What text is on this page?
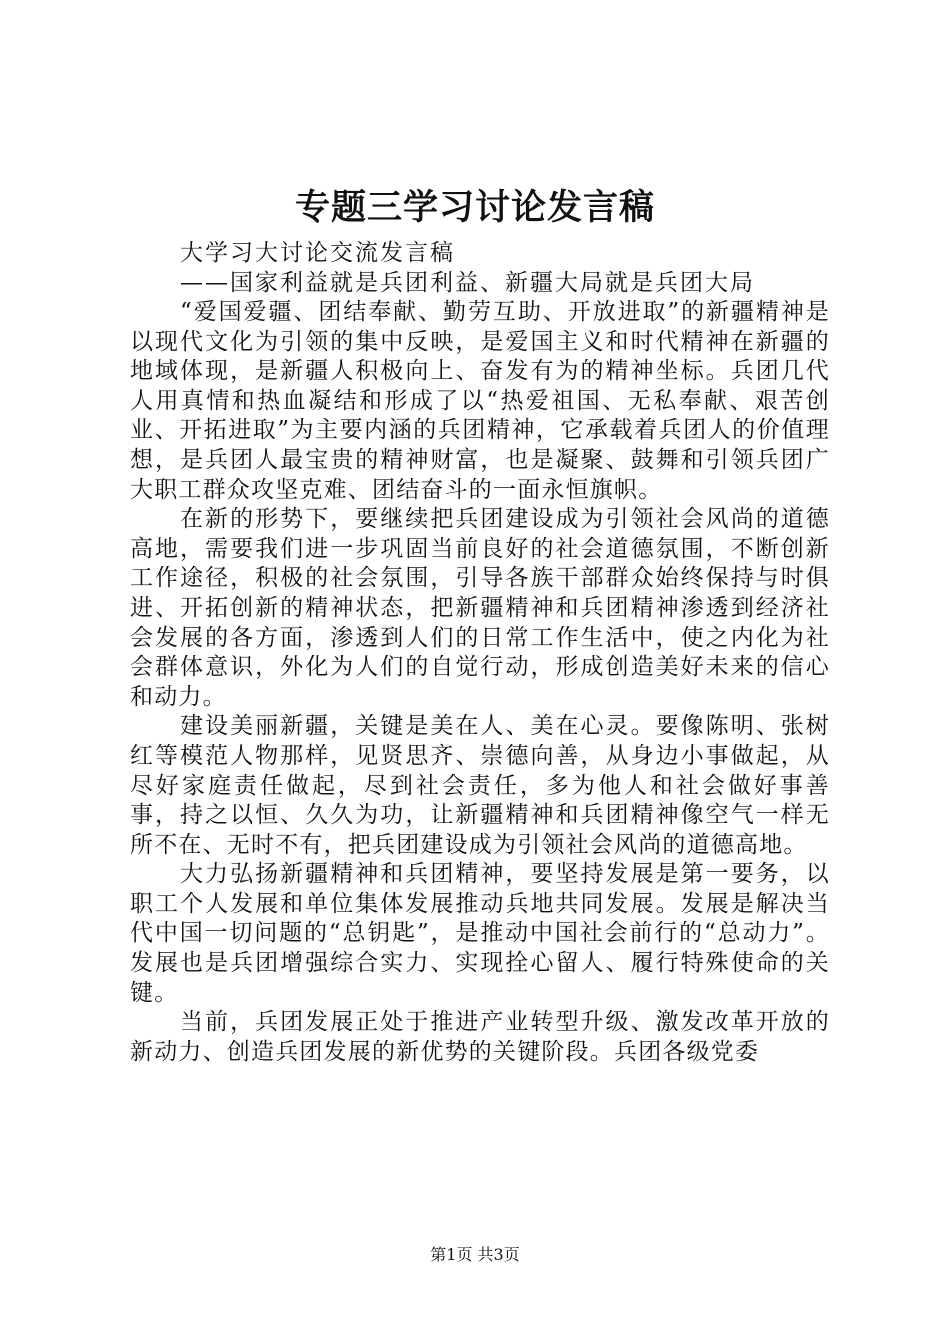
专题三学习讨论发言稿

大学习大讨论交流发言稿

——国家利益就是兵团利益、新疆大局就是兵团大局

“爱国爱疆、团结奉献、勤劳互助、开放进取”的新疆精神是以现代文化为引领的集中反映，是爱国主义和时代精神在新疆的地域体现，是新疆人积极向上、奋发有为的精神坐标。兵团几代人用真情和热血凝结和形成了以“热爱祖国、无私奉献、艰苦创业、开拓进取”为主要内涵的兵团精神，它承载着兵团人的价值理想，是兵团人最宝贵的精神财富，也是凝聚、鼓舞和引领兵团广大职工群众攻坚克难、团结奋斗的一面永恒旗帜。

在新的形势下，要继续把兵团建设成为引领社会风尚的道德高地，需要我们进一步巩固当前良好的社会道德氛围，不断创新工作途径，积极的社会氛围，引导各族干部群众始终保持与时俱进、开拓创新的精神状态，把新疆精神和兵团精神渗透到经济社会发展的各方面，渗透到人们的日常工作生活中，使之内化为社会群体意识，外化为人们的自觉行动，形成创造美好未来的信心和动力。

建设美丽新疆，关键是美在人、美在心灵。要像陈明、张树红等模范人物那样，见贤思齐、崇德向善，从身边小事做起，从尽好家庭责任做起，尽到社会责任，多为他人和社会做好事善事，持之以恒、久久为功，让新疆精神和兵团精神像空气一样无所不在、无时不有，把兵团建设成为引领社会风尚的道德高地。

大力弘扬新疆精神和兵团精神，要坚持发展是第一要务，以职工个人发展和单位集体发展推动兵地共同发展。发展是解决当代中国一切问题的“总钥匙”，是推动中国社会前行的“总动力”。发展也是兵团增强综合实力、实现拴心留人、履行特殊使命的关键。

当前，兵团发展正处于推进产业转型升级、激发改革开放的新动力、创造兵团发展的新优势的关键阶段。兵团各级党委

第1页 共3页
